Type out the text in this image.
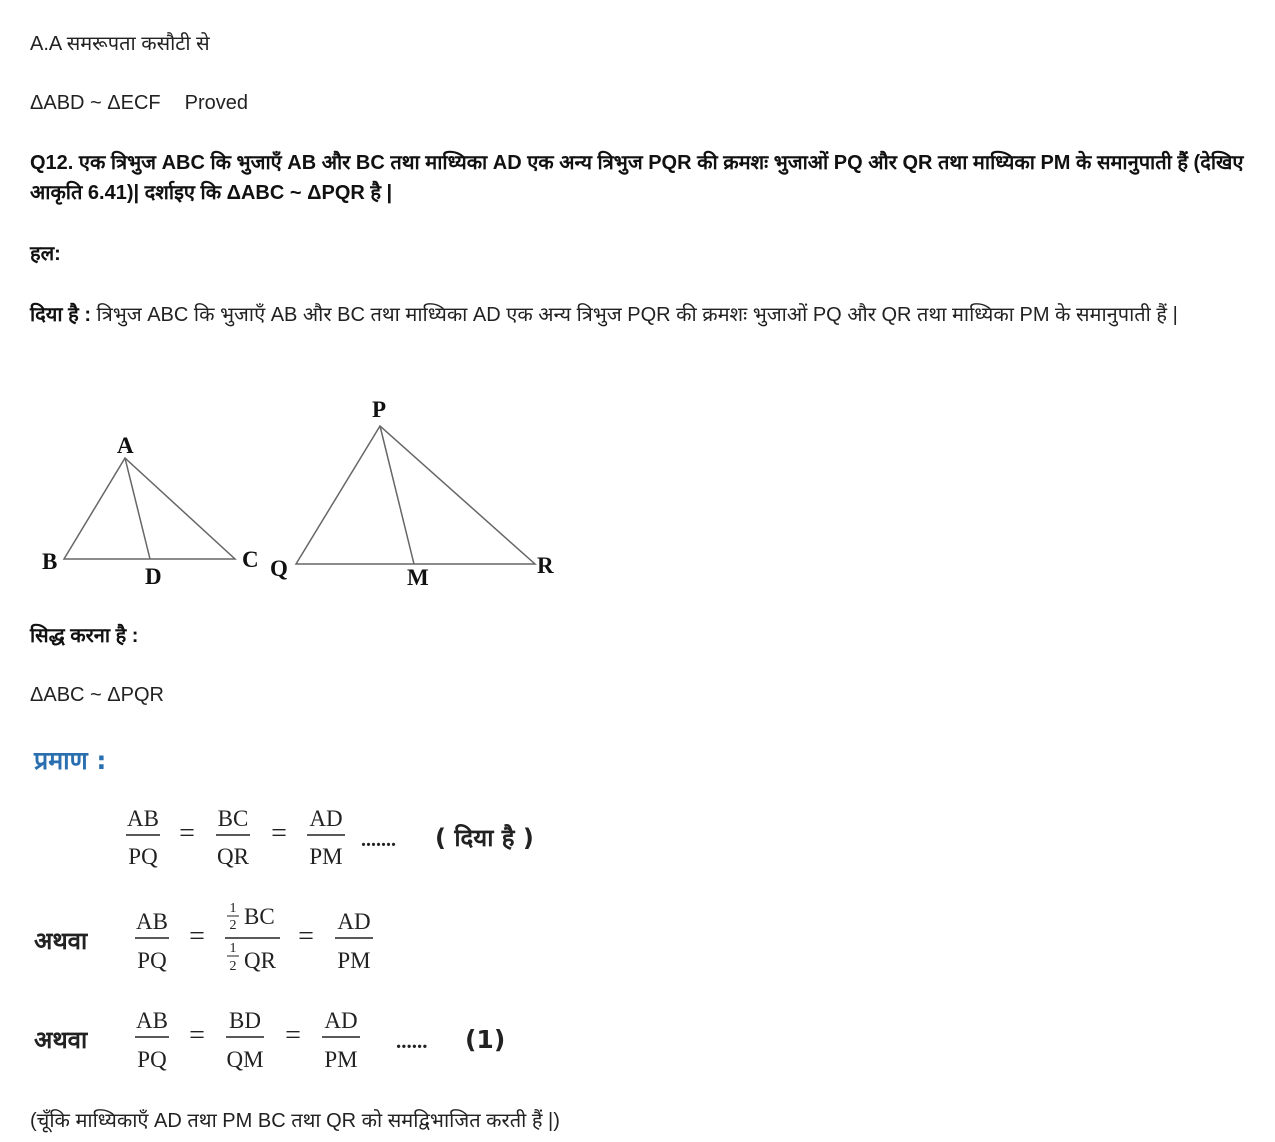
A.A समरूपता कसौटी से
ΔABD ~ ΔECF Proved
Q12. एक त्रिभुज ABC कि भुजाएँ AB और BC तथा माध्यिका AD एक अन्य त्रिभुज PQR की क्रमशः भुजाओं PQ और QR तथा माध्यिका PM के समानुपाती हैं (देखिए आकृति 6.41)| दर्शाइए कि ΔABC ~ ΔPQR है |
हल:
दिया है : त्रिभुज ABC कि भुजाएँ AB और BC तथा माध्यिका AD एक अन्य त्रिभुज PQR की क्रमशः भुजाओं PQ और QR तथा माध्यिका PM के समानुपाती हैं |
A
B	C
D
P
Q	R
M
सिद्ध करना है :
ΔABC ~ ΔPQR
प्रमाण :
AB
PQ
= BC
QR
= AD
PM
....... ( दिया है )
अथवा
AB
PQ
=
1
2 BC
1
2 QR
= AD
PM
अथवा
AB
PQ
= BD
QM
= AD
PM
...... (1)
(चूँकि माध्यिकाएँ AD तथा PM BC तथा QR को समद्विभाजित करती हैं |)
